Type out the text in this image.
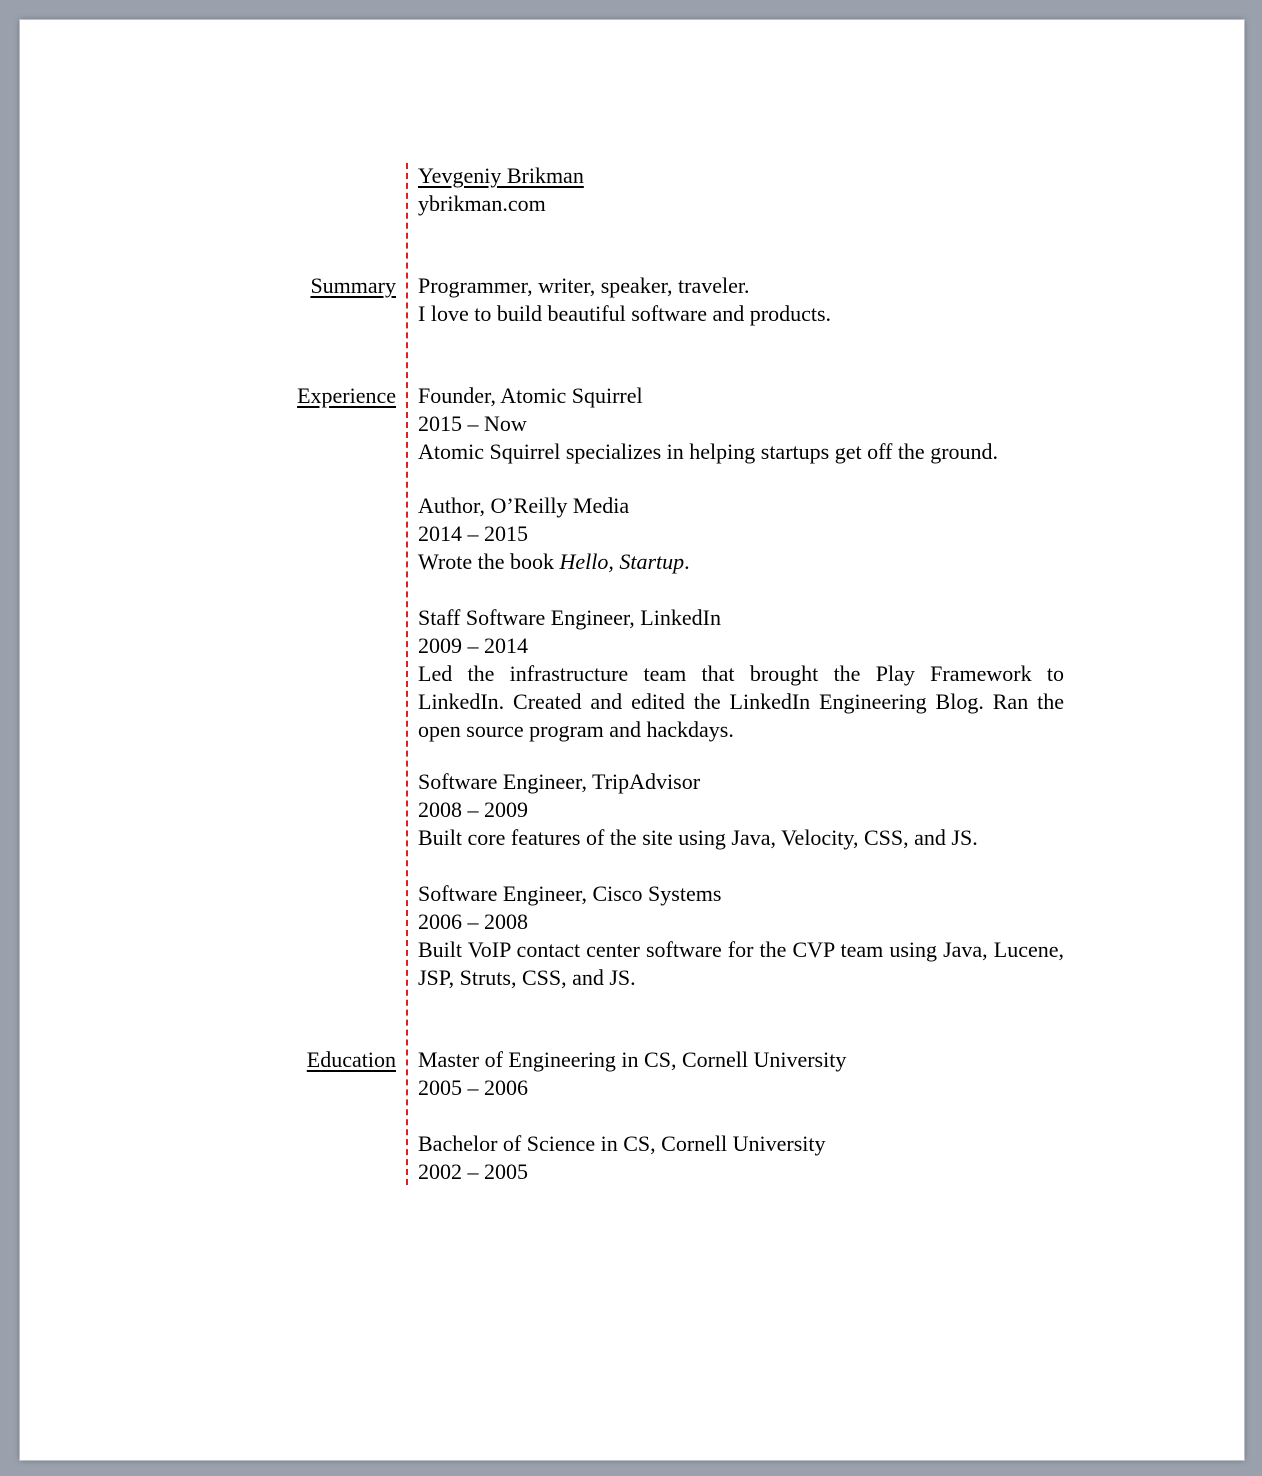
Yevgeniy Brikman
ybrikman.com
Summary Programmer, writer, speaker, traveler.
I love to build beautiful software and products.
Experience Founder, Atomic Squirrel
2015 – Now
Atomic Squirrel specializes in helping startups get off the ground.
Author, O’Reilly Media
2014 – 2015
Wrote the book Hello, Startup.
Staff Software Engineer, LinkedIn
2009 – 2014
Led the infrastructure team that brought the Play Framework to LinkedIn. Created and edited the LinkedIn Engineering Blog. Ran the open source program and hackdays.
Software Engineer, TripAdvisor
2008 – 2009
Built core features of the site using Java, Velocity, CSS, and JS.
Software Engineer, Cisco Systems
2006 – 2008
Built VoIP contact center software for the CVP team using Java, Lucene, JSP, Struts, CSS, and JS.
Education Master of Engineering in CS, Cornell University
2005 – 2006
Bachelor of Science in CS, Cornell University
2002 – 2005
